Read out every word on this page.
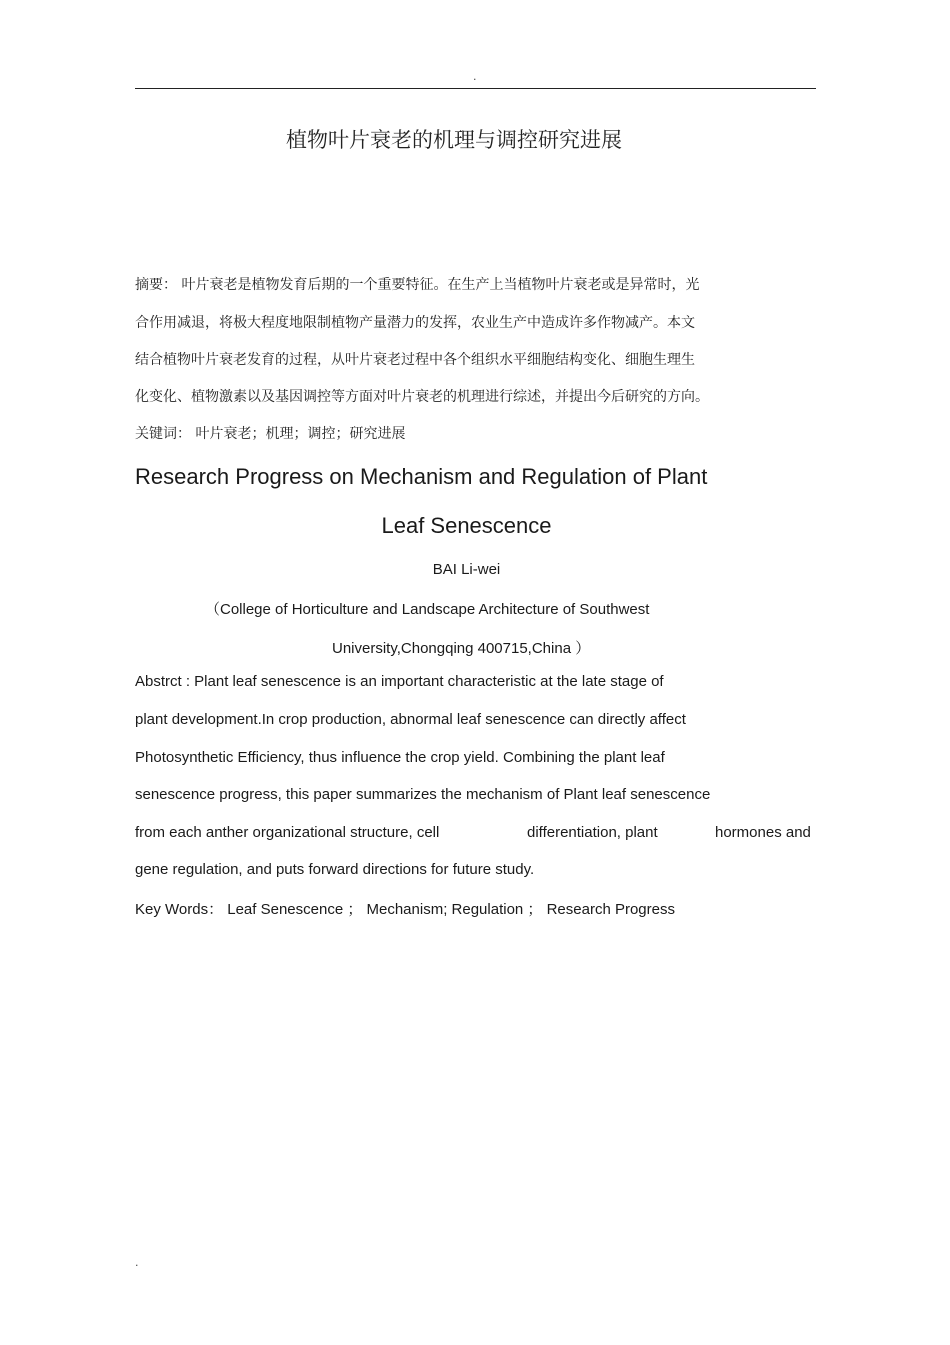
.
植物叶片衰老的机理与调控研究进展
摘要： 叶片衰老是植物发育后期的一个重要特征。在生产上当植物叶片衰老或是异常时，光
合作用减退，将极大程度地限制植物产量潜力的发挥，农业生产中造成许多作物减产。本文
结合植物叶片衰老发育的过程，从叶片衰老过程中各个组织水平细胞结构变化、细胞生理生
化变化、植物激素以及基因调控等方面对叶片衰老的机理进行综述，并提出今后研究的方向。
关键词： 叶片衰老；机理；调控；研究进展
Research Progress on Mechanism and Regulation of Plant
Leaf Senescence
BAI Li-wei
（College of Horticulture and Landscape Architecture of Southwest
University,Chongqing 400715,China ）
Abstrct : Plant leaf senescence is an important characteristic at the late stage of
plant development.In crop production, abnormal leaf senescence can directly affect
Photosynthetic Efficiency, thus influence the crop yield. Combining the plant leaf
senescence progress, this paper summarizes the mechanism of Plant leaf senescence
from each anther organizational structure, cell	differentiation, plant	hormones and
gene regulation, and puts forward directions for future study.
Key Words： Leaf Senescence ； Mechanism; Regulation ； Research Progress
.
